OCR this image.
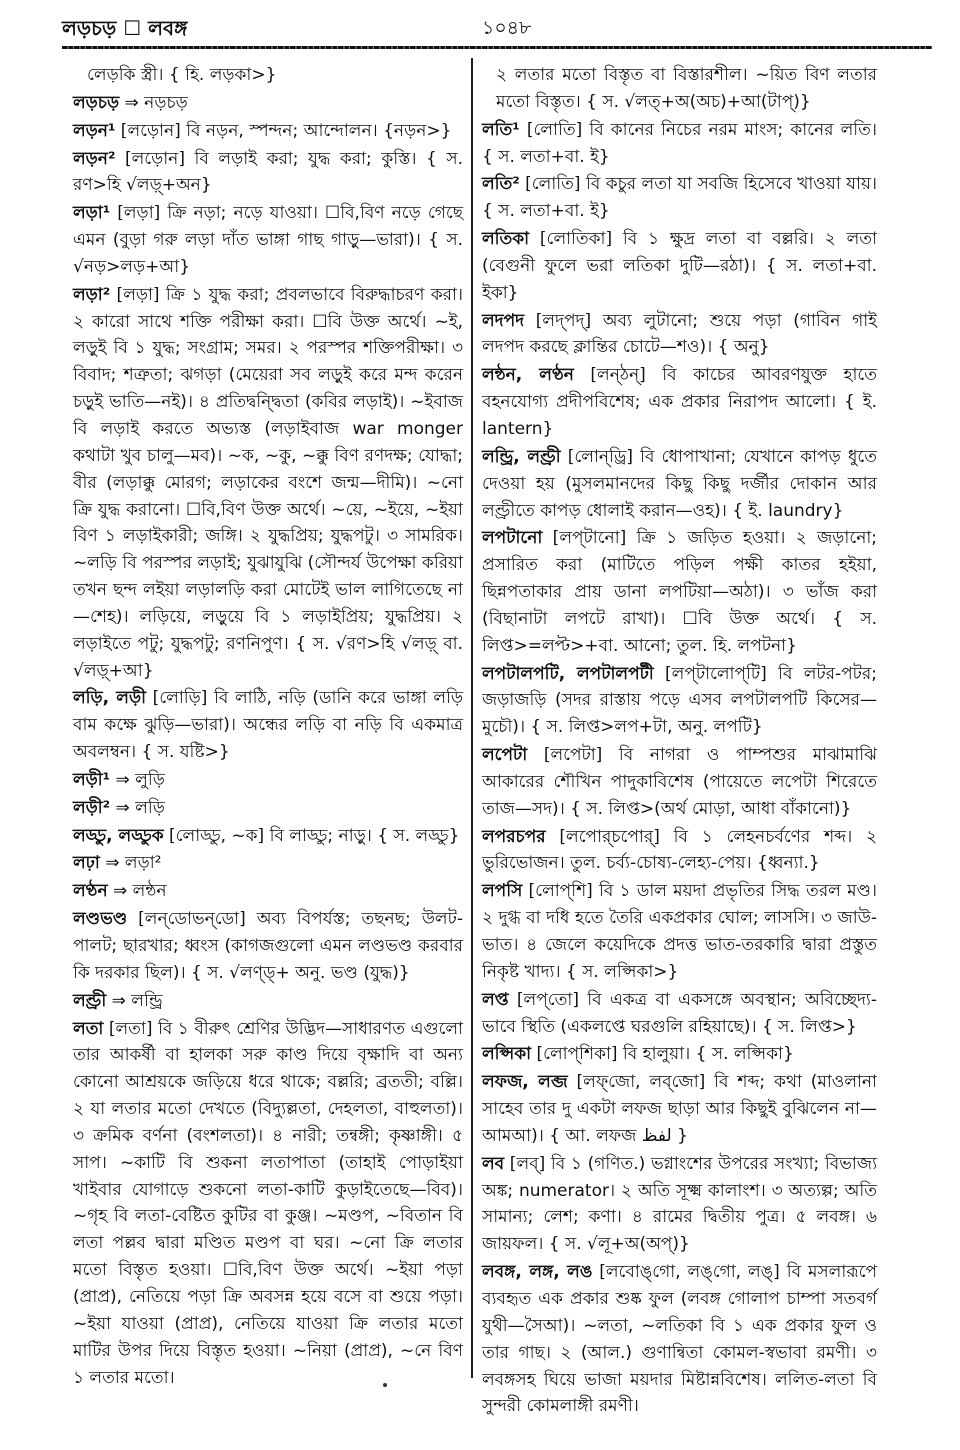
লড়চড় ☐ লবঙ্গ	১০৪৮
লেড়কি স্ত্রী। { হি. লড়কা>}
লড়চড় ⇒ নড়চড়
লড়ন¹ [লড়োন] বি নড়ন, স্পন্দন; আন্দোলন। {নড়ন>}
লড়ন² [লড়োন] বি লড়াই করা; যুদ্ধ করা; কুস্তি। { স. রণ>হি √লড়্+অন}
লড়া¹ [লড়া] ক্রি নড়া; নড়ে যাওয়া। ☐বি,বিণ নড়ে গেছে এমন (বুড়া গরু লড়া দাঁত ভাঙ্গা গাছ গাড়ু—ভারা)। { স. √নড়>লড়+আ}
লড়া² [লড়া] ক্রি ১ যুদ্ধ করা; প্রবলভাবে বিরুদ্ধাচরণ করা। ২ কারো সাথে শক্তি পরীক্ষা করা। ☐বি উক্ত অর্থে। ~ই, লড়ুই বি ১ যুদ্ধ; সংগ্রাম; সমর। ২ পরস্পর শক্তিপরীক্ষা। ৩ বিবাদ; শত্রুতা; ঝগড়া (মেয়েরা সব লড়ুই করে মন্দ করেন চড়ুই ভাতি—নই)। ৪ প্রতিদ্বন্দ্বিতা (কবির লড়াই)। ~ইবাজ বি লড়াই করতে অভ্যস্ত (লড়াইবাজ war monger কথাটা খুব চালু—মব)। ~ক, ~কু, ~ক্কু বিণ রণদক্ষ; যোদ্ধা; বীর (লড়াক্কু মোরগ; লড়াকের বংশে জন্ম—দীমি)। ~নো ক্রি যুদ্ধ করানো। ☐বি,বিণ উক্ত অর্থে। ~য়ে, ~ইয়ে, ~ইয়া বিণ ১ লড়াইকারী; জঙ্গি। ২ যুদ্ধপ্রিয়; যুদ্ধপটু। ৩ সামরিক। ~লড়ি বি পরস্পর লড়াই; যুঝাযুঝি (সৌন্দর্য উপেক্ষা করিয়া তখন ছন্দ লইয়া লড়ালড়ি করা মোটেই ভাল লাগিতেছে না—শেহ)। লড়িয়ে, লড়ুয়ে বি ১ লড়াইপ্রিয়; যুদ্ধপ্রিয়। ২ লড়াইতে পটু; যুদ্ধপটু; রণনিপুণ। { স. √রণ>হি √লড়্ বা. √লড়্+আ}
লড়ি, লড়ী [লোড়ি] বি লাঠি, নড়ি (ডানি করে ভাঙ্গা লড়ি বাম কক্ষে ঝুড়ি—ভারা)। অন্ধের লড়ি বা নড়ি বি একমাত্র অবলম্বন। { স. যষ্টি>}
লড়ী¹ ⇒ লুড়ি
লড়ী² ⇒ লড়ি
লড্ডু, লড্ডুক [লোড্ডু, ~ক] বি লাড্ডু; নাড়ু। { স. লড্ডু}
লঢ়া ⇒ লড়া²
লণ্ঠন ⇒ লন্ঠন
লণ্ডভণ্ড [লন্‌ডোভন্‌ডো] অব্য বিপর্যস্ত; তছনছ; উলট-পালট; ছারখার; ধ্বংস (কাগজগুলো এমন লণ্ডভণ্ড করবার কি দরকার ছিল)। { স. √লণ্ড্+ অনু. ভণ্ড (যুদ্ধ)}
লণ্ড্রী ⇒ লন্ড্রি
লতা [লতা] বি ১ বীরুৎ শ্রেণির উদ্ভিদ—সাধারণত এগুলো তার আকর্ষী বা হালকা সরু কাণ্ড দিয়ে বৃক্ষাদি বা অন্য কোনো আশ্রয়কে জড়িয়ে ধরে থাকে; বল্লরি; ব্রততী; বল্লি। ২ যা লতার মতো দেখতে (বিদ্যুল্লতা, দেহলতা, বাহুলতা)। ৩ ক্রমিক বর্ণনা (বংশলতা)। ৪ নারী; তন্বঙ্গী; কৃষ্ণাঙ্গী। ৫ সাপ। ~কাটি বি শুকনা লতাপাতা (তাহাই পোড়াইয়া খাইবার যোগাড়ে শুকনো লতা-কাটি কুড়াইতেছে—বিব)। ~গৃহ বি লতা-বেষ্টিত কুটির বা কুঞ্জ। ~মণ্ডপ, ~বিতান বি লতা পল্লব দ্বারা মণ্ডিত মণ্ডপ বা ঘর। ~নো ক্রি লতার মতো বিস্তৃত হওয়া। ☐বি,বিণ উক্ত অর্থে। ~ইয়া পড়া (প্রাপ্র), নেতিয়ে পড়া ক্রি অবসন্ন হয়ে বসে বা শুয়ে পড়া। ~ইয়া যাওয়া (প্রাপ্র), নেতিয়ে যাওয়া ক্রি লতার মতো মাটির উপর দিয়ে বিস্তৃত হওয়া। ~নিয়া (প্রাপ্র), ~নে বিণ ১ লতার মতো।
২ লতার মতো বিস্তৃত বা বিস্তারশীল। ~য়িত বিণ লতার মতো বিস্তৃত। { স. √লত্+অ(অচ)+আ(টাপ্)}
লতি¹ [লোতি] বি কানের নিচের নরম মাংস; কানের লতি। { স. লতা+বা. ই}
লতি² [লোতি] বি কচুর লতা যা সবজি হিসেবে খাওয়া যায়। { স. লতা+বা. ই}
লতিকা [লোতিকা] বি ১ ক্ষুদ্র লতা বা বল্লরি। ২ লতা (বেগুনী ফুলে ভরা লতিকা দুটি—রঠা)। { স. লতা+বা. ইকা}
লদপদ [লদ্‌পদ্] অব্য লুটানো; শুয়ে পড়া (গাবিন গাই লদপদ করছে ক্লান্তির চোটে—শও)। { অনু}
লন্ঠন, লণ্ঠন [লন্‌ঠন্] বি কাচের আবরণযুক্ত হাতে বহনযোগ্য প্রদীপবিশেষ; এক প্রকার নিরাপদ আলো। { ই. lantern}
লন্ড্রি, লণ্ড্রী [লোন্‌ড্রি] বি ধোপাখানা; যেখানে কাপড় ধুতে দেওয়া হয় (মুসলমানদের কিছু কিছু দর্জীর দোকান আর লণ্ড্রীতে কাপড় ধোলাই করান—ওহ)। { ই. laundry}
লপটানো [লপ্‌টানো] ক্রি ১ জড়িত হওয়া। ২ জড়ানো; প্রসারিত করা (মাটিতে পড়িল পক্ষী কাতর হইয়া, ছিন্নপতাকার প্রায় ডানা লপটিয়া—অঠা)। ৩ ভাঁজ করা (বিছানাটা লপটে রাখা)। ☐বি উক্ত অর্থে। { স. লিপ্ত>=লপ্ট>+বা. আনো; তুল. হি. লপটনা}
লপটালপটি, লপটালপটী [লপ্‌টালোপ্‌টি] বি লটর-পটর; জড়াজড়ি (সদর রাস্তায় পড়ে এসব লপটালপটি কিসের—মুচৌ)। { স. লিপ্ত>লপ+টা, অনু. লপটি}
লপেটা [লপেটা] বি নাগরা ও পাম্পশুর মাঝামাঝি আকারের শৌখিন পাদুকাবিশেষ (পায়েতে লপেটা শিরেতে তাজ—সদ)। { স. লিপ্ত>(অর্থ মোড়া, আধা বাঁকানো)}
লপরচপর [লপোর্‌চপোর্] বি ১ লেহনচর্বণের শব্দ। ২ ভুরিভোজন। তুল. চর্ব্য-চোষ্য-লেহ্য-পেয়। {ধ্বন্যা.}
লপসি [লোপ্‌শি] বি ১ ডাল ময়দা প্রভৃতির সিদ্ধ তরল মণ্ড। ২ দুগ্ধ বা দধি হতে তৈরি একপ্রকার ঘোল; লাসসি। ৩ জাউ-ভাত। ৪ জেলে কয়েদিকে প্রদত্ত ভাত-তরকারি দ্বারা প্রস্তুত নিকৃষ্ট খাদ্য। { স. লপ্সিকা>}
লপ্ত [লপ্‌তো] বি একত্র বা একসঙ্গে অবস্থান; অবিচ্ছেদ্য-ভাবে স্থিতি (একলপ্তে ঘরগুলি রহিয়াছে)। { স. লিপ্ত>}
লপ্সিকা [লোপ্‌শিকা] বি হালুয়া। { স. লপ্সিকা}
লফজ, লব্জ [লফ্‌জো, লব্‌জো] বি শব্দ; কথা (মাওলানা সাহেব তার দু একটা লফজ ছাড়া আর কিছুই বুঝিলেন না—আমআ)। { আ. লফজ لفظ }
লব [লব্] বি ১ (গণিত.) ভগ্নাংশের উপরের সংখ্যা; বিভাজ্য অঙ্ক; numerator। ২ অতি সূক্ষ্ম কালাংশ। ৩ অত্যল্প; অতি সামান্য; লেশ; কণা। ৪ রামের দ্বিতীয় পুত্র। ৫ লবঙ্গ। ৬ জায়ফল। { স. √লূ+অ(অপ্)}
লবঙ্গ, লঙ্গ, লঙ [লবোঙ্‌গো, লঙ্‌গো, লঙ্] বি মসলারূপে ব্যবহৃত এক প্রকার শুষ্ক ফুল (লবঙ্গ গোলাপ চাম্পা সতবর্গ যুথী—সৈআ)। ~লতা, ~লতিকা বি ১ এক প্রকার ফুল ও তার গাছ। ২ (আল.) গুণান্বিতা কোমল-স্বভাবা রমণী। ৩ লবঙ্গসহ ঘিয়ে ভাজা ময়দার মিষ্টান্নবিশেষ। ললিত-লতা বি সুন্দরী কোমলাঙ্গী রমণী।
